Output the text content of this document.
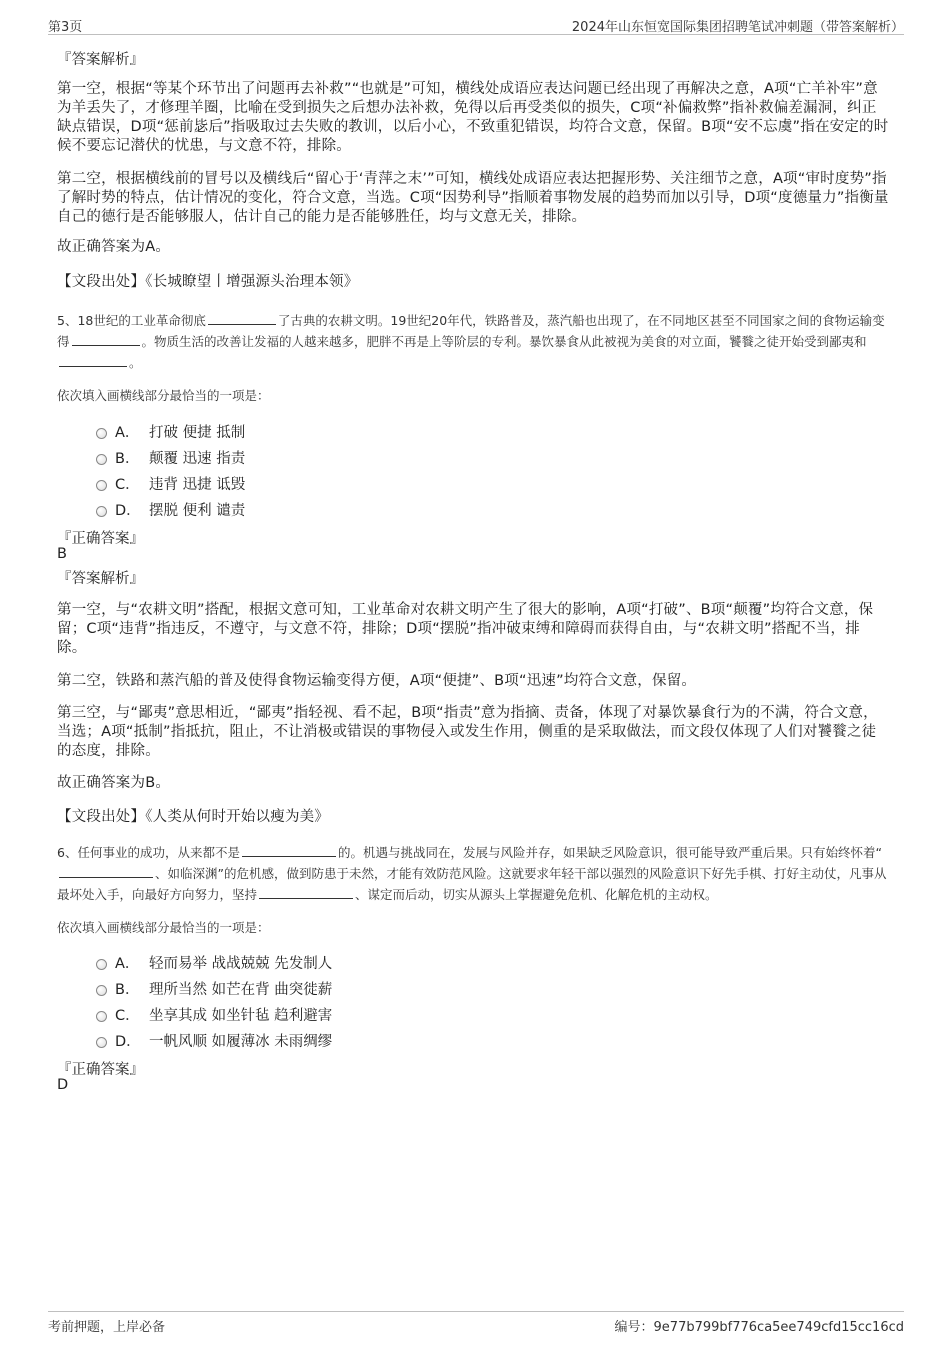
第3页	2024年山东恒宽国际集团招聘笔试冲刺题（带答案解析）
『答案解析』
第一空，根据“等某个环节出了问题再去补救”“也就是”可知，横线处成语应表达问题已经出现了再解决之意，A项“亡羊补牢”意为羊丢失了，才修理羊圈，比喻在受到损失之后想办法补救，免得以后再受类似的损失，C项“补偏救弊”指补救偏差漏洞，纠正缺点错误，D项“惩前毖后”指吸取过去失败的教训，以后小心，不致重犯错误，均符合文意，保留。B项“安不忘虞”指在安定的时候不要忘记潜伏的忧患，与文意不符，排除。
第二空，根据横线前的冒号以及横线后“留心于‘青萍之末’”可知，横线处成语应表达把握形势、关注细节之意，A项“审时度势”指了解时势的特点，估计情况的变化，符合文意，当选。C项“因势利导”指顺着事物发展的趋势而加以引导，D项“度德量力”指衡量自己的德行是否能够服人，估计自己的能力是否能够胜任，均与文意无关，排除。
故正确答案为A。
【文段出处】《长城瞭望丨增强源头治理本领》
5、18世纪的工业革命彻底	了古典的农耕文明。19世纪20年代，铁路普及，蒸汽船也出现了，在不同地区甚至不同国家之间的食物运输变得	。物质生活的改善让发福的人越来越多，肥胖不再是上等阶层的专利。暴饮暴食从此被视为美食的对立面，饕餮之徒开始受到鄙夷和。
依次填入画横线部分最恰当的一项是：
A． 打破 便捷 抵制
B． 颠覆 迅速 指责
C． 违背 迅捷 诋毁
D． 摆脱 便利 谴责
『正确答案』
B
『答案解析』
第一空，与“农耕文明”搭配，根据文意可知，工业革命对农耕文明产生了很大的影响，A项“打破”、B项“颠覆”均符合文意，保留；C项“违背”指违反，不遵守，与文意不符，排除；D项“摆脱”指冲破束缚和障碍而获得自由，与“农耕文明”搭配不当，排除。
第二空，铁路和蒸汽船的普及使得食物运输变得方便，A项“便捷”、B项“迅速”均符合文意，保留。
第三空，与“鄙夷”意思相近，“鄙夷”指轻视、看不起，B项“指责”意为指摘、责备，体现了对暴饮暴食行为的不满，符合文意，当选；A项“抵制”指抵抗，阻止，不让消极或错误的事物侵入或发生作用，侧重的是采取做法，而文段仅体现了人们对饕餮之徒的态度，排除。
故正确答案为B。
【文段出处】《人类从何时开始以瘦为美》
6、任何事业的成功，从来都不是	的。机遇与挑战同在，发展与风险并存，如果缺乏风险意识，很可能导致严重后果。只有始终怀着“、如临深渊”的危机感，做到防患于未然，才能有效防范风险。这就要求年轻干部以强烈的风险意识下好先手棋、打好主动仗，凡事从最坏处入手，向最好方向努力，坚持	、谋定而后动，切实从源头上掌握避免危机、化解危机的主动权。
依次填入画横线部分最恰当的一项是：
A． 轻而易举 战战兢兢 先发制人
B． 理所当然 如芒在背 曲突徙薪
C． 坐享其成 如坐针毡 趋利避害
D． 一帆风顺 如履薄冰 未雨绸缪
『正确答案』
D
考前押题，上岸必备	编号：9e77b799bf776ca5ee749cfd15cc16cd
